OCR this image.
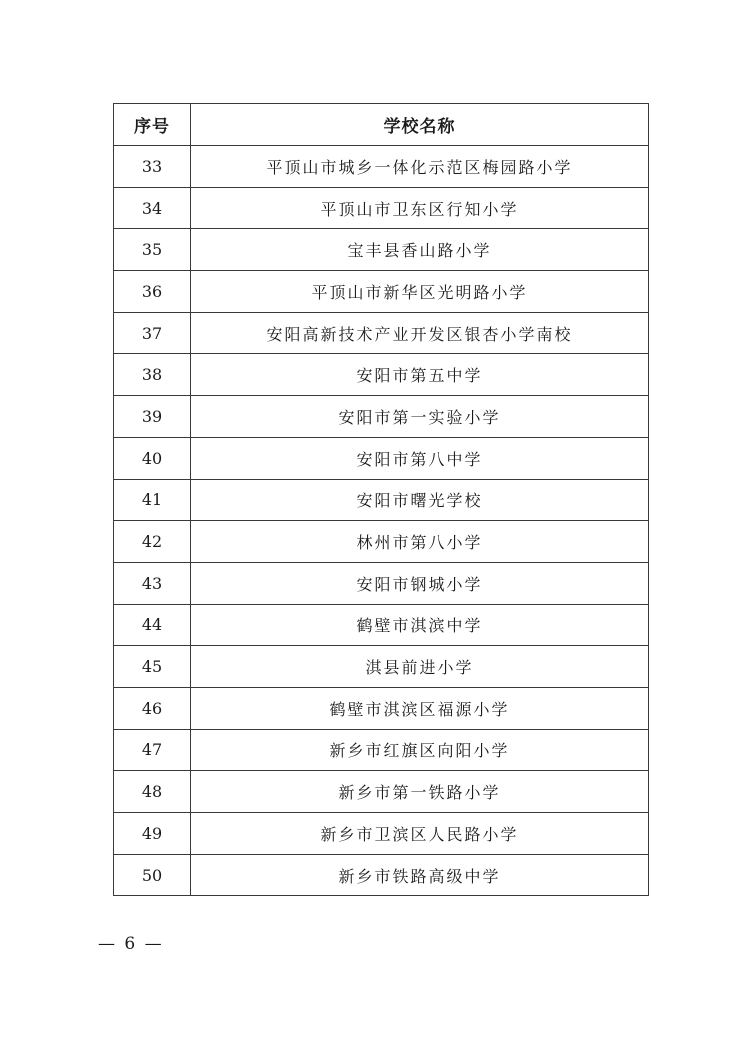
序号	学校名称
33	平顶山市城乡一体化示范区梅园路小学
34	平顶山市卫东区行知小学
35	宝丰县香山路小学
36	平顶山市新华区光明路小学
37	安阳高新技术产业开发区银杏小学南校
38	安阳市第五中学
39	安阳市第一实验小学
40	安阳市第八中学
41	安阳市曙光学校
42	林州市第八小学
43	安阳市钢城小学
44	鹤壁市淇滨中学
45	淇县前进小学
46	鹤壁市淇滨区福源小学
47	新乡市红旗区向阳小学
48	新乡市第一铁路小学
49	新乡市卫滨区人民路小学
50	新乡市铁路高级中学
— 6 —
